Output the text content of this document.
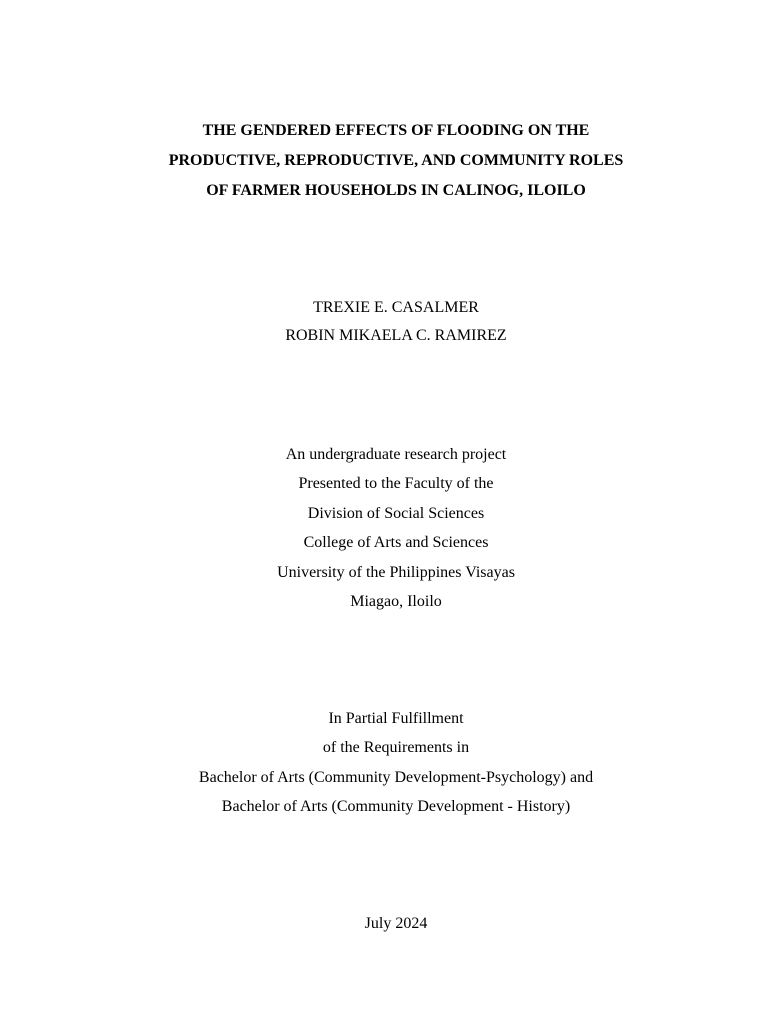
THE GENDERED EFFECTS OF FLOODING ON THE
PRODUCTIVE, REPRODUCTIVE, AND COMMUNITY ROLES
OF FARMER HOUSEHOLDS IN CALINOG, ILOILO
TREXIE E. CASALMER
ROBIN MIKAELA C. RAMIREZ
An undergraduate research project
Presented to the Faculty of the
Division of Social Sciences
College of Arts and Sciences
University of the Philippines Visayas
Miagao, Iloilo
In Partial Fulfillment
of the Requirements in
Bachelor of Arts (Community Development-Psychology) and
Bachelor of Arts (Community Development - History)
July 2024
